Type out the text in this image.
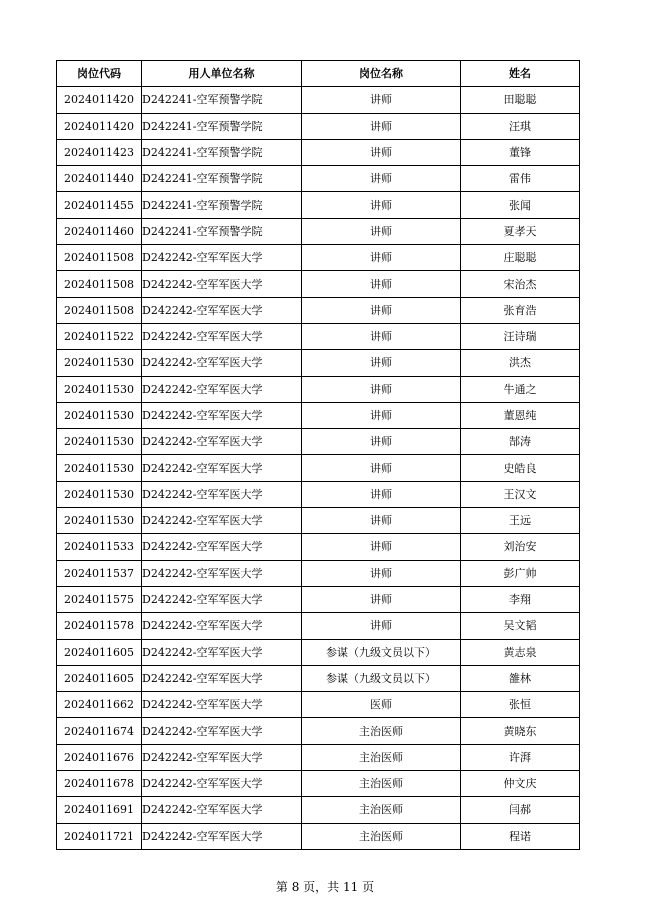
岗位代码	用人单位名称	岗位名称	姓名
2024011420	D242241-空军预警学院	讲师	田聪聪
2024011420	D242241-空军预警学院	讲师	汪琪
2024011423	D242241-空军预警学院	讲师	董锋
2024011440	D242241-空军预警学院	讲师	雷伟
2024011455	D242241-空军预警学院	讲师	张闻
2024011460	D242241-空军预警学院	讲师	夏孝天
2024011508	D242242-空军军医大学	讲师	庄聪聪
2024011508	D242242-空军军医大学	讲师	宋治杰
2024011508	D242242-空军军医大学	讲师	张育浩
2024011522	D242242-空军军医大学	讲师	汪诗瑞
2024011530	D242242-空军军医大学	讲师	洪杰
2024011530	D242242-空军军医大学	讲师	牛通之
2024011530	D242242-空军军医大学	讲师	董恩纯
2024011530	D242242-空军军医大学	讲师	郜涛
2024011530	D242242-空军军医大学	讲师	史皓良
2024011530	D242242-空军军医大学	讲师	王汉文
2024011530	D242242-空军军医大学	讲师	王远
2024011533	D242242-空军军医大学	讲师	刘治安
2024011537	D242242-空军军医大学	讲师	彭广帅
2024011575	D242242-空军军医大学	讲师	李翔
2024011578	D242242-空军军医大学	讲师	吴文韬
2024011605	D242242-空军军医大学	参谋（九级文员以下）	黄志泉
2024011605	D242242-空军军医大学	参谋（九级文员以下）	雒林
2024011662	D242242-空军军医大学	医师	张恒
2024011674	D242242-空军军医大学	主治医师	黄晓东
2024011676	D242242-空军军医大学	主治医师	许湃
2024011678	D242242-空军军医大学	主治医师	仲文庆
2024011691	D242242-空军军医大学	主治医师	闫郝
2024011721	D242242-空军军医大学	主治医师	程诺
第 8 页，共 11 页
